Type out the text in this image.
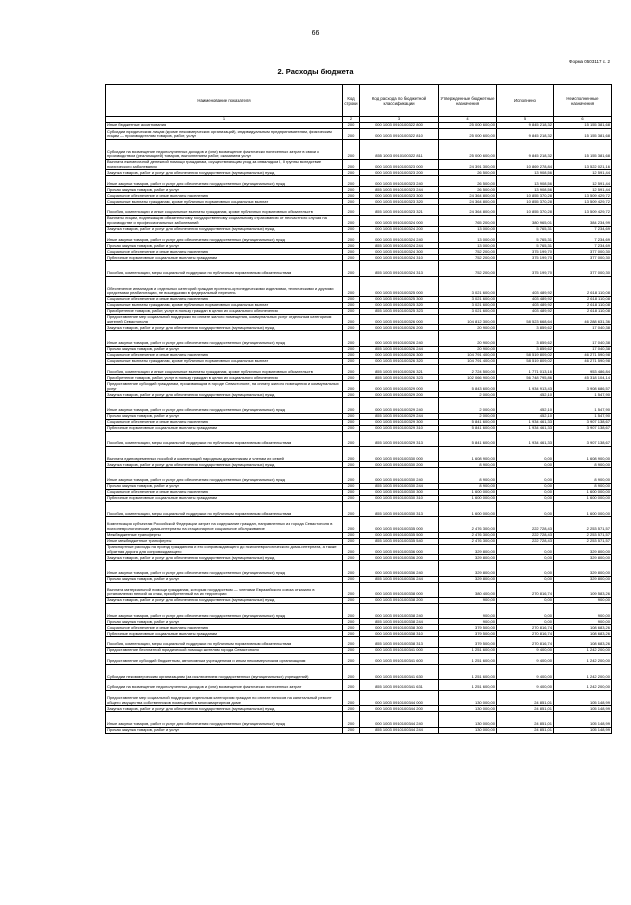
66
Форма 0503117 с. 2
2. Расходы бюджета
Наименование показателя	Код строки	Код расхода по бюджетной классификации	Утвержденные бюджетные назначения	Исполнено	Неисполненные назначения
1	2	3	4	5	6
Иные бюджетные ассигнования	200	000 1003 0910100322 800	25 000 600,00	9 845 218,32	15 155 381,68
Субсидии юридическим лицам (кроме некоммерческих организаций), индивидуальным предпринимателям, физическим лицам — производителям товаров, работ, услуг	200	000 1003 0910100322 810	25 000 600,00	9 845 218,32	15 155 381,68
Субсидии на возмещение недополученных доходов и (или) возмещение фактически понесенных затрат в связи с производством (реализацией) товаров, выполнением работ, оказанием услуг	200	855 1003 0910100322 811	25 000 600,00	9 845 218,32	15 155 381,68
Выплата ежемесячной денежной помощи гражданам, осуществляющим уход за инвалидом I, II группы вследствие психического заболевания	200	000 1003 0910100323 000	24 391 300,00	10 869 278,84	13 522 021,16
Закупка товаров, работ и услуг для обеспечения государственных (муниципальных) нужд	200	000 1003 0910100323 200	26 500,00	13 908,56	12 591,44
Иные закупки товаров, работ и услуг для обеспечения государственных (муниципальных) нужд	200	000 1003 0910100323 240	26 500,00	13 908,56	12 591,44
Прочая закупка товаров, работ и услуг	200	855 1003 0910100323 244	26 500,00	13 908,56	12 591,44
Социальное обеспечение и иные выплаты населению	200	000 1003 0910100323 300	24 364 800,00	10 855 370,28	13 509 429,72
Социальные выплаты гражданам, кроме публичных нормативных социальных выплат	200	000 1003 0910100323 320	24 364 800,00	10 855 370,28	13 509 429,72
Пособия, компенсации и иные социальные выплаты гражданам, кроме публичных нормативных обязательств	200	855 1003 0910100323 321	24 364 800,00	10 855 370,28	13 509 429,72
Выплаты лицам, подлежащим обязательному государственному социальному страхованию от несчастного случая на производстве и профессиональных заболеваний	200	000 1003 0910100324 000	765 200,00	380 965,01	384 234,99
Закупка товаров, работ и услуг для обеспечения государственных (муниципальных) нужд	200	000 1003 0910100324 200	13 000,00	5 765,31	7 234,69
Иные закупки товаров, работ и услуг для обеспечения государственных (муниципальных) нужд	200	000 1003 0910100324 240	13 000,00	5 765,31	7 234,69
Прочая закупка товаров, работ и услуг	200	855 1003 0910100324 244	13 000,00	5 765,31	7 234,69
Социальное обеспечение и иные выплаты населению	200	000 1003 0910100324 300	752 200,00	375 199,70	377 000,30
Публичные нормативные социальные выплаты гражданам	200	000 1003 0910100324 310	752 200,00	375 199,70	377 000,30
Пособия, компенсации, меры социальной поддержки по публичным нормативным обязательствам	200	855 1003 0910100324 313	752 200,00	375 199,70	377 000,30
Обеспечение инвалидов и отдельных категорий граждан протезно-ортопедическими изделиями, техническими и другими средствами реабилитации, не вошедшими в федеральный перечень	200	000 1003 0910100325 000	3 021 600,00	403 489,92	2 618 110,08
Социальное обеспечение и иные выплаты населению	200	000 1003 0910100325 300	3 021 600,00	403 489,92	2 618 110,08
Социальные выплаты гражданам, кроме публичных нормативных социальных выплат	200	000 1003 0910100325 320	3 021 600,00	403 489,92	2 618 110,08
Приобретение товаров, работ, услуг в пользу граждан в целях их социального обеспечения	200	855 1003 0910100325 323	3 021 600,00	403 489,92	2 618 110,08
Предоставление мер социальной поддержки по оплате жилого помещения, коммунальных услуг отдельным категориям жителей Севастополя	200	000 1003 0910100326 000	104 812 300,00	58 523 668,64	46 288 631,36
Закупка товаров, работ и услуг для обеспечения государственных (муниципальных) нужд	200	000 1003 0910100326 200	20 900,00	3 859,62	17 040,38
Иные закупки товаров, работ и услуг для обеспечения государственных (муниципальных) нужд	200	000 1003 0910100326 240	20 900,00	3 859,62	17 040,38
Прочая закупка товаров, работ и услуг	200	855 1003 0910100326 244	20 900,00	3 859,62	17 040,38
Социальное обеспечение и иные выплаты населению	200	000 1003 0910100326 300	104 791 400,00	58 519 809,02	46 271 590,98
Социальные выплаты гражданам, кроме публичных нормативных социальных выплат	200	000 1003 0910100326 320	104 791 400,00	58 519 809,02	46 271 590,98
Пособия, компенсации и иные социальные выплаты гражданам, кроме публичных нормативных обязательств	200	855 1003 0910100326 321	2 724 500,00	1 771 013,16	953 486,84
Приобретение товаров, работ, услуг в пользу граждан в целях их социального обеспечения	200	855 1003 0910100326 323	102 066 900,00	56 748 795,86	45 318 104,14
Предоставление субсидий гражданам, проживающим в городе Севастополе, на оплату жилого помещения и коммунальных услуг	200	000 1003 0910100329 000	5 843 600,00	1 934 913,43	3 908 686,57
Закупка товаров, работ и услуг для обеспечения государственных (муниципальных) нужд	200	000 1003 0910100329 200	2 000,00	452,10	1 547,90
Иные закупки товаров, работ и услуг для обеспечения государственных (муниципальных) нужд	200	000 1003 0910100329 240	2 000,00	452,10	1 547,90
Прочая закупка товаров, работ и услуг	200	855 1003 0910100329 244	2 000,00	452,10	1 547,90
Социальное обеспечение и иные выплаты населению	200	000 1003 0910100329 300	5 841 600,00	1 934 461,33	3 907 138,67
Публичные нормативные социальные выплаты гражданам	200	000 1003 0910100329 310	5 841 600,00	1 934 461,33	3 907 138,67
Пособия, компенсации, меры социальной поддержки по публичным нормативным обязательствам	200	855 1003 0910100329 313	5 841 600,00	1 934 461,33	3 907 138,67
Выплата единовременных пособий и компенсаций народным дружинникам и членам их семей	200	000 1003 0910100330 000	1 608 900,00	0,00	1 608 900,00
Закупка товаров, работ и услуг для обеспечения государственных (муниципальных) нужд	200	000 1003 0910100330 200	8 900,00	0,00	8 900,00
Иные закупки товаров, работ и услуг для обеспечения государственных (муниципальных) нужд	200	000 1003 0910100330 240	8 900,00	0,00	8 900,00
Прочая закупка товаров, работ и услуг	200	855 1003 0910100330 244	8 900,00	0,00	8 900,00
Социальное обеспечение и иные выплаты населению	200	000 1003 0910100330 300	1 600 000,00	0,00	1 600 000,00
Публичные нормативные социальные выплаты гражданам	200	000 1003 0910100330 310	1 600 000,00	0,00	1 600 000,00
Пособия, компенсации, меры социальной поддержки по публичным нормативным обязательствам	200	855 1003 0910100330 313	1 600 000,00	0,00	1 600 000,00
Компенсация субъектам Российской Федерации затрат на содержание граждан, направленных из города Севастополя в психоневрологические дома-интернаты на стационарное социальное обслуживание	200	000 1003 0910100335 000	2 476 300,00	222 728,43	2 253 571,57
Межбюджетные трансферты	200	000 1003 0910100335 500	2 476 300,00	222 728,43	2 253 571,57
Иные межбюджетные трансферты	200	855 1003 0910100335 540	2 476 300,00	222 728,43	2 253 571,57
Транспортные расходы на проезд гражданина и его сопровождающего до психоневрологического дома-интерната, а также обратная дорога для сопровождающего	200	000 1003 0910100336 000	329 800,00	0,00	329 800,00
Закупка товаров, работ и услуг для обеспечения государственных (муниципальных) нужд	200	000 1003 0910100336 200	329 800,00	0,00	329 800,00
Иные закупки товаров, работ и услуг для обеспечения государственных (муниципальных) нужд	200	000 1003 0910100336 240	329 800,00	0,00	329 800,00
Прочая закупка товаров, работ и услуг	200	855 1003 0910100336 244	329 800,00	0,00	329 800,00
Выплата материальной помощи гражданам, которым государством — членами Евразийского союза отказано в установлении пенсий за стаж, приобретенный на их территории	200	000 1003 0910100338 000	380 400,00	270 816,74	109 583,26
Закупка товаров, работ и услуг для обеспечения государственных (муниципальных) нужд	200	000 1003 0910100338 200	900,00	0,00	900,00
Иные закупки товаров, работ и услуг для обеспечения государственных (муниципальных) нужд	200	000 1003 0910100338 240	900,00	0,00	900,00
Прочая закупка товаров, работ и услуг	200	855 1003 0910100338 244	900,00	0,00	900,00
Социальное обеспечение и иные выплаты населению	200	000 1003 0910100338 300	379 500,00	270 816,74	108 683,26
Публичные нормативные социальные выплаты гражданам	200	000 1003 0910100338 310	379 500,00	270 816,74	108 683,26
Пособия, компенсации, меры социальной поддержки по публичным нормативным обязательствам	200	855 1003 0910100338 313	379 500,00	270 816,74	108 683,26
Предоставление бесплатной юридической помощи жителям города Севастополя	200	000 1003 0910100341 000	1 251 600,00	9 400,00	1 242 200,00
Предоставление субсидий бюджетным, автономным учреждениям и иным некоммерческим организациям	200	000 1003 0910100341 600	1 251 600,00	9 400,00	1 242 200,00
Субсидии некоммерческим организациям (за исключением государственных (муниципальных) учреждений)	200	000 1003 0910100341 630	1 251 600,00	9 400,00	1 242 200,00
Субсидии на возмещение недополученных доходов и (или) возмещение фактически понесенных затрат	200	855 1003 0910100341 631	1 251 600,00	9 400,00	1 242 200,00
Предоставление мер социальной поддержки отдельным категориям граждан по оплате взносов на капитальный ремонт общего имущества собственников помещений в многоквартирном доме	200	000 1003 0910100344 000	130 000,00	24 851,01	105 148,99
Закупка товаров, работ и услуг для обеспечения государственных (муниципальных) нужд	200	000 1003 0910100344 200	130 000,00	24 851,01	105 148,99
Иные закупки товаров, работ и услуг для обеспечения государственных (муниципальных) нужд	200	000 1003 0910100344 240	130 000,00	24 851,01	105 148,99
Прочая закупка товаров, работ и услуг	200	855 1003 0910100344 244	130 000,00	24 851,01	105 148,99
